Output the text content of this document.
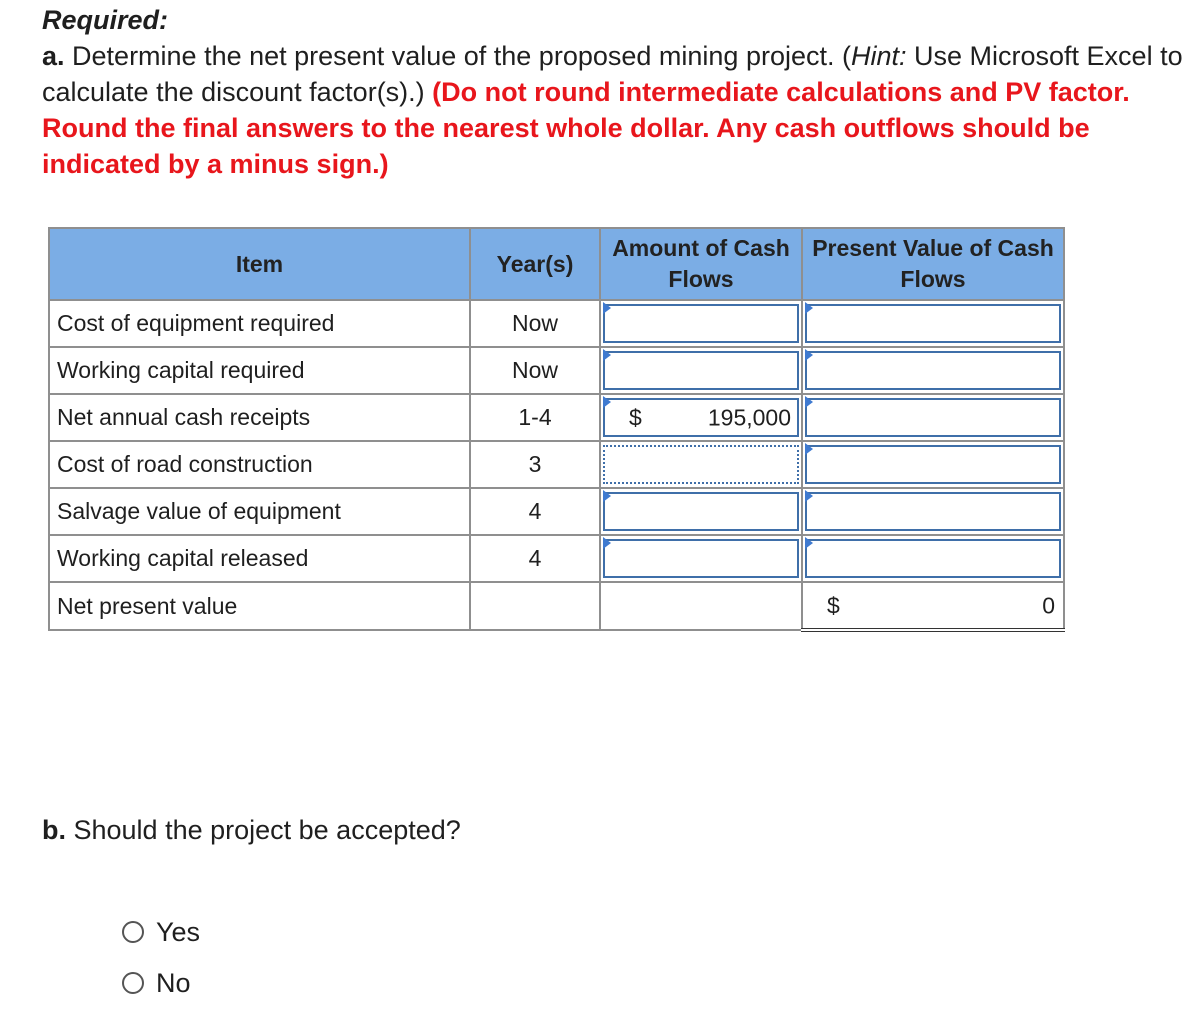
Required:
a. Determine the net present value of the proposed mining project. (Hint: Use Microsoft Excel to calculate the discount factor(s).) (Do not round intermediate calculations and PV factor. Round the final answers to the nearest whole dollar. Any cash outflows should be indicated by a minus sign.)
Item	Year(s)	Amount of Cash Flows	Present Value of Cash Flows
Cost of equipment required	Now	

Working capital required	Now	

Net annual cash receipts	1-4	$ 195,000	

Cost of road construction	3	

Salvage value of equipment	4	

Working capital released	4	

Net present value			$ 0
b. Should the project be accepted?
Yes
No
